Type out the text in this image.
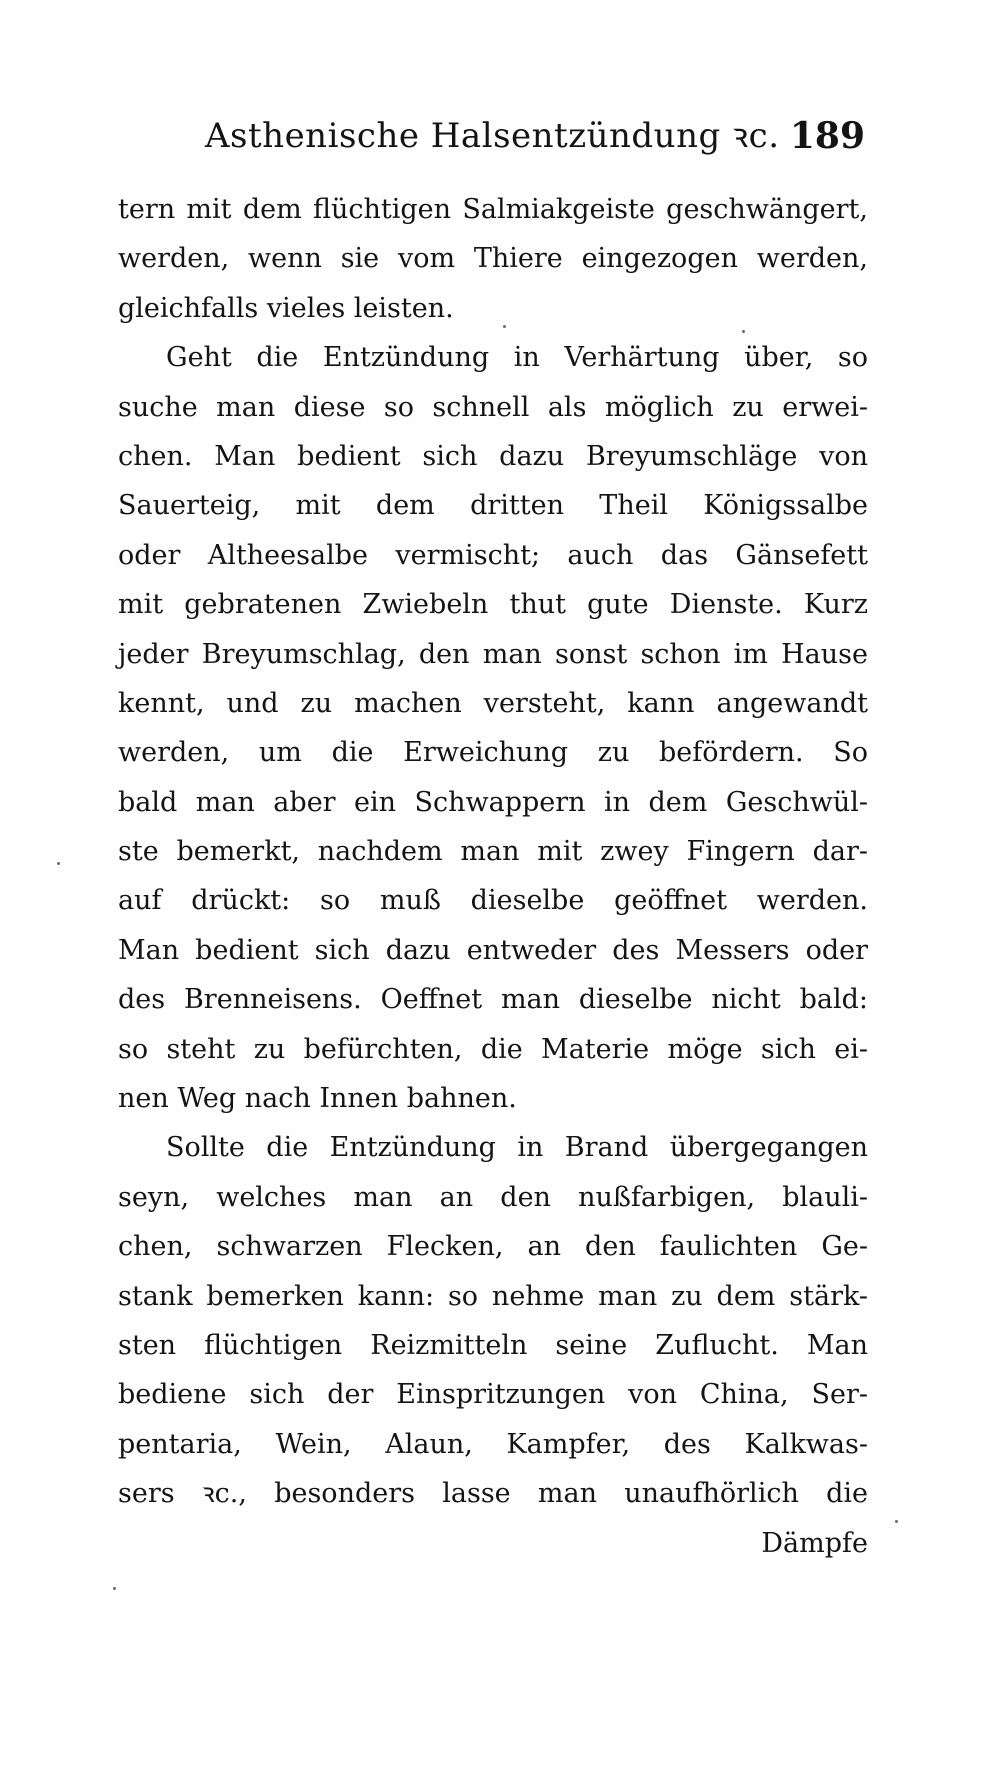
Asthenische Halsentzündung ꝛc. 189
tern mit dem flüchtigen Salmiakgeiste geschwängert,
werden, wenn sie vom Thiere eingezogen werden,
gleichfalls vieles leisten.
Geht die Entzündung in Verhärtung über, so
suche man diese so schnell als möglich zu erwei-
chen. Man bedient sich dazu Breyumschläge von
Sauerteig, mit dem dritten Theil Königssalbe
oder Altheesalbe vermischt; auch das Gänsefett
mit gebratenen Zwiebeln thut gute Dienste. Kurz
jeder Breyumschlag, den man sonst schon im Hause
kennt, und zu machen versteht, kann angewandt
werden, um die Erweichung zu befördern. So
bald man aber ein Schwappern in dem Geschwül-
ste bemerkt, nachdem man mit zwey Fingern dar-
auf drückt: so muß dieselbe geöffnet werden.
Man bedient sich dazu entweder des Messers oder
des Brenneisens. Oeffnet man dieselbe nicht bald:
so steht zu befürchten, die Materie möge sich ei-
nen Weg nach Innen bahnen.
Sollte die Entzündung in Brand übergegangen
seyn, welches man an den nußfarbigen, blauli-
chen, schwarzen Flecken, an den faulichten Ge-
stank bemerken kann: so nehme man zu dem stärk-
sten flüchtigen Reizmitteln seine Zuflucht. Man
bediene sich der Einspritzungen von China, Ser-
pentaria, Wein, Alaun, Kampfer, des Kalkwas-
sers ꝛc., besonders lasse man unaufhörlich die
Dämpfe
